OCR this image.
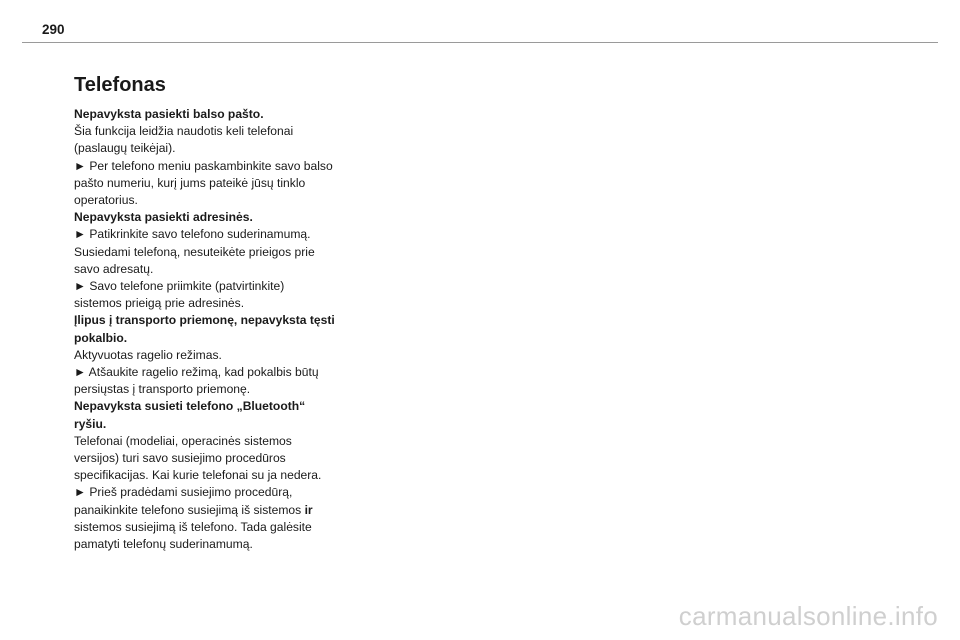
290
Telefonas

Nepavyksta pasiekti balso pašto.

Šia funkcija leidžia naudotis keli telefonai
(paslaugų teikėjai).

► Per telefono meniu paskambinkite savo balso
pašto numeriu, kurį jums pateikė jūsų tinklo
operatorius.

Nepavyksta pasiekti adresinės.

► Patikrinkite savo telefono suderinamumą.

Susiedami telefoną, nesuteikėte prieigos prie
savo adresatų.

► Savo telefone priimkite (patvirtinkite)
sistemos prieigą prie adresinės.

Įlipus į transporto priemonę, nepavyksta tęsti
pokalbio.

Aktyvuotas ragelio režimas.

► Atšaukite ragelio režimą, kad pokalbis būtų
persiųstas į transporto priemonę.

Nepavyksta susieti telefono „Bluetooth“
ryšiu.

Telefonai (modeliai, operacinės sistemos
versijos) turi savo susiejimo procedūros
specifikacijas. Kai kurie telefonai su ja nedera.

► Prieš pradėdami susiejimo procedūrą,
panaikinkite telefono susiejimą iš sistemos ir
sistemos susiejimą iš telefono. Tada galėsite
pamatyti telefonų suderinamumą.

carmanualsonline.info
